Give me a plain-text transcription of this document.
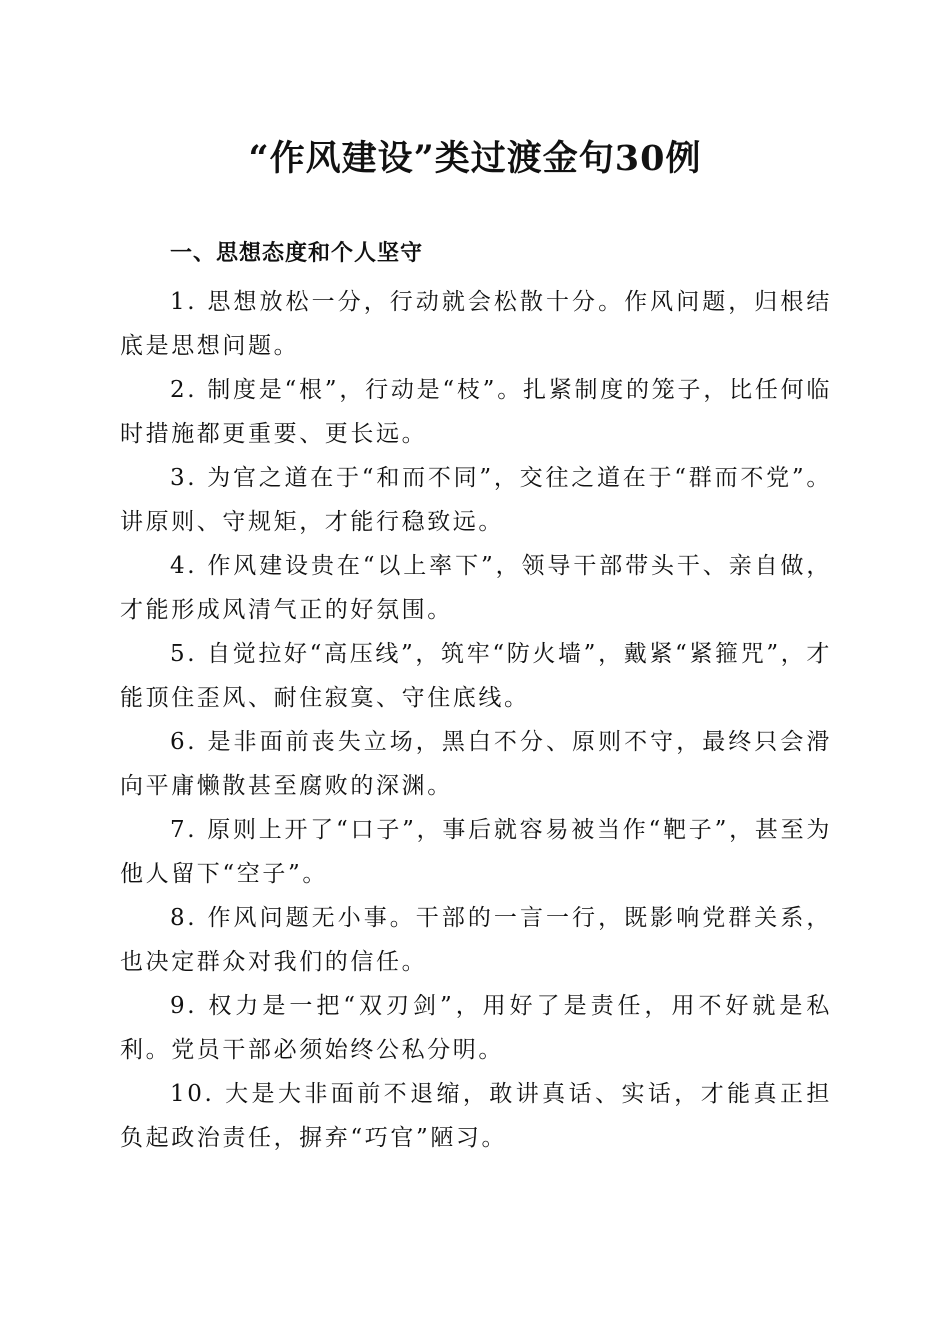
“作风建设”类过渡金句30例
一、思想态度和个人坚守

1. 思想放松一分，行动就会松散十分。作风问题，归根结底是思想问题。

2. 制度是“根”，行动是“枝”。扎紧制度的笼子，比任何临时措施都更重要、更长远。

3. 为官之道在于“和而不同”，交往之道在于“群而不党”。讲原则、守规矩，才能行稳致远。

4. 作风建设贵在“以上率下”，领导干部带头干、亲自做，才能形成风清气正的好氛围。

5. 自觉拉好“高压线”，筑牢“防火墙”，戴紧“紧箍咒”，才能顶住歪风、耐住寂寞、守住底线。

6. 是非面前丧失立场，黑白不分、原则不守，最终只会滑向平庸懒散甚至腐败的深渊。

7. 原则上开了“口子”，事后就容易被当作“靶子”，甚至为他人留下“空子”。

8. 作风问题无小事。干部的一言一行，既影响党群关系，也决定群众对我们的信任。

9. 权力是一把“双刃剑”，用好了是责任，用不好就是私利。党员干部必须始终公私分明。

10. 大是大非面前不退缩，敢讲真话、实话，才能真正担负起政治责任，摒弃“巧官”陋习。
